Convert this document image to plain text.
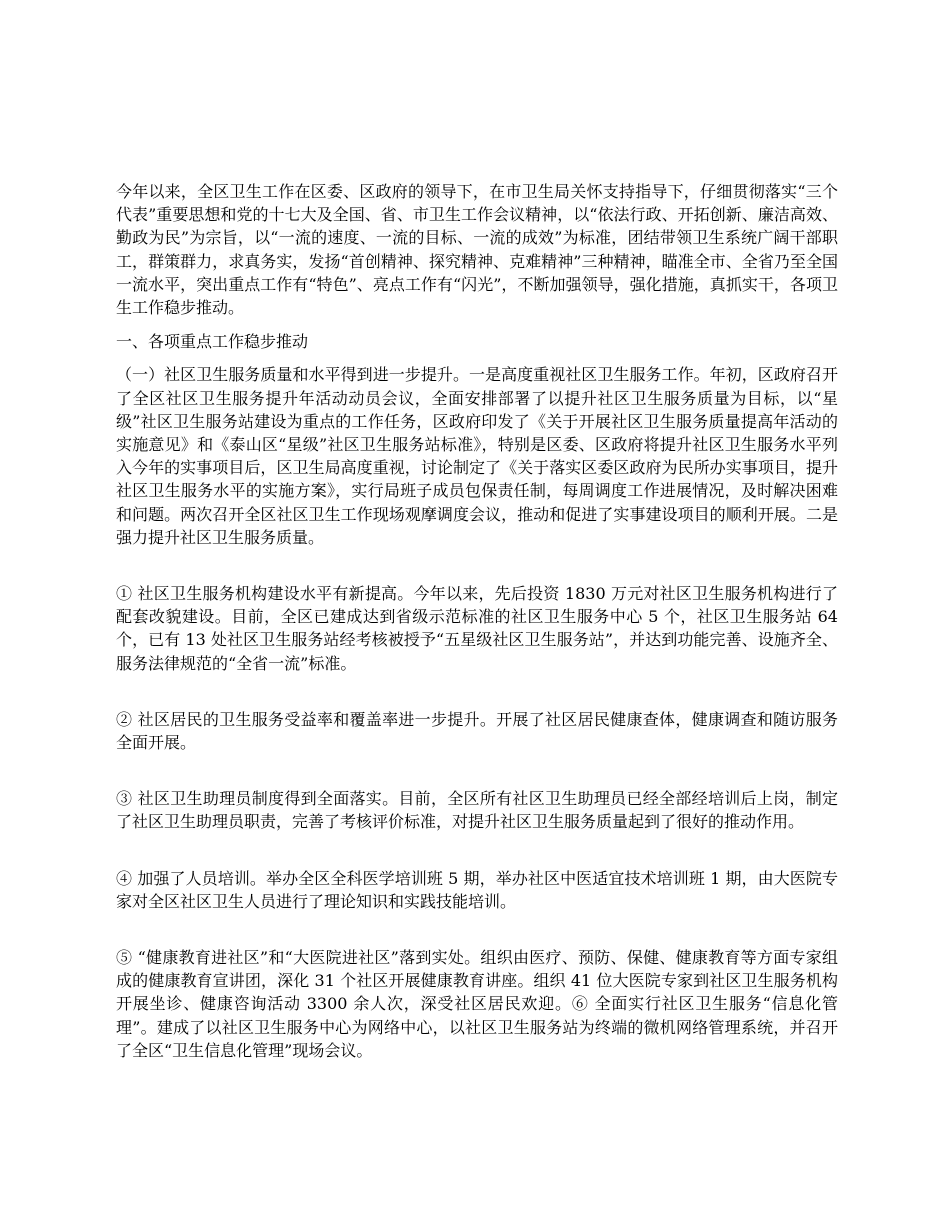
今年以来，全区卫生工作在区委、区政府的领导下，在市卫生局关怀支持指导下，仔细贯彻落实“三个代表”重要思想和党的十七大及全国、省、市卫生工作会议精神，以“依法行政、开拓创新、廉洁高效、勤政为民”为宗旨，以“一流的速度、一流的目标、一流的成效”为标准，团结带领卫生系统广阔干部职工，群策群力，求真务实，发扬“首创精神、探究精神、克难精神”三种精神，瞄准全市、全省乃至全国一流水平，突出重点工作有“特色”、亮点工作有“闪光”，不断加强领导，强化措施，真抓实干，各项卫生工作稳步推动。

一、各项重点工作稳步推动

（一）社区卫生服务质量和水平得到进一步提升。一是高度重视社区卫生服务工作。年初，区政府召开了全区社区卫生服务提升年活动动员会议，全面安排部署了以提升社区卫生服务质量为目标，以“星级”社区卫生服务站建设为重点的工作任务，区政府印发了《关于开展社区卫生服务质量提高年活动的实施意见》和《泰山区“星级”社区卫生服务站标准》，特别是区委、区政府将提升社区卫生服务水平列入今年的实事项目后，区卫生局高度重视，讨论制定了《关于落实区委区政府为民所办实事项目，提升社区卫生服务水平的实施方案》，实行局班子成员包保责任制，每周调度工作进展情况，及时解决困难和问题。两次召开全区社区卫生工作现场观摩调度会议，推动和促进了实事建设项目的顺利开展。二是强力提升社区卫生服务质量。

① 社区卫生服务机构建设水平有新提高。今年以来，先后投资 1830 万元对社区卫生服务机构进行了配套改貌建设。目前，全区已建成达到省级示范标准的社区卫生服务中心 5 个，社区卫生服务站 64 个，已有 13 处社区卫生服务站经考核被授予“五星级社区卫生服务站”，并达到功能完善、设施齐全、服务法律规范的“全省一流”标准。

② 社区居民的卫生服务受益率和覆盖率进一步提升。开展了社区居民健康查体，健康调查和随访服务全面开展。

③ 社区卫生助理员制度得到全面落实。目前，全区所有社区卫生助理员已经全部经培训后上岗，制定了社区卫生助理员职责，完善了考核评价标准，对提升社区卫生服务质量起到了很好的推动作用。

④ 加强了人员培训。举办全区全科医学培训班 5 期，举办社区中医适宜技术培训班 1 期，由大医院专家对全区社区卫生人员进行了理论知识和实践技能培训。

⑤ “健康教育进社区”和“大医院进社区”落到实处。组织由医疗、预防、保健、健康教育等方面专家组成的健康教育宣讲团，深化 31 个社区开展健康教育讲座。组织 41 位大医院专家到社区卫生服务机构开展坐诊、健康咨询活动 3300 余人次，深受社区居民欢迎。⑥ 全面实行社区卫生服务“信息化管理”。建成了以社区卫生服务中心为网络中心，以社区卫生服务站为终端的微机网络管理系统，并召开了全区“卫生信息化管理”现场会议。
